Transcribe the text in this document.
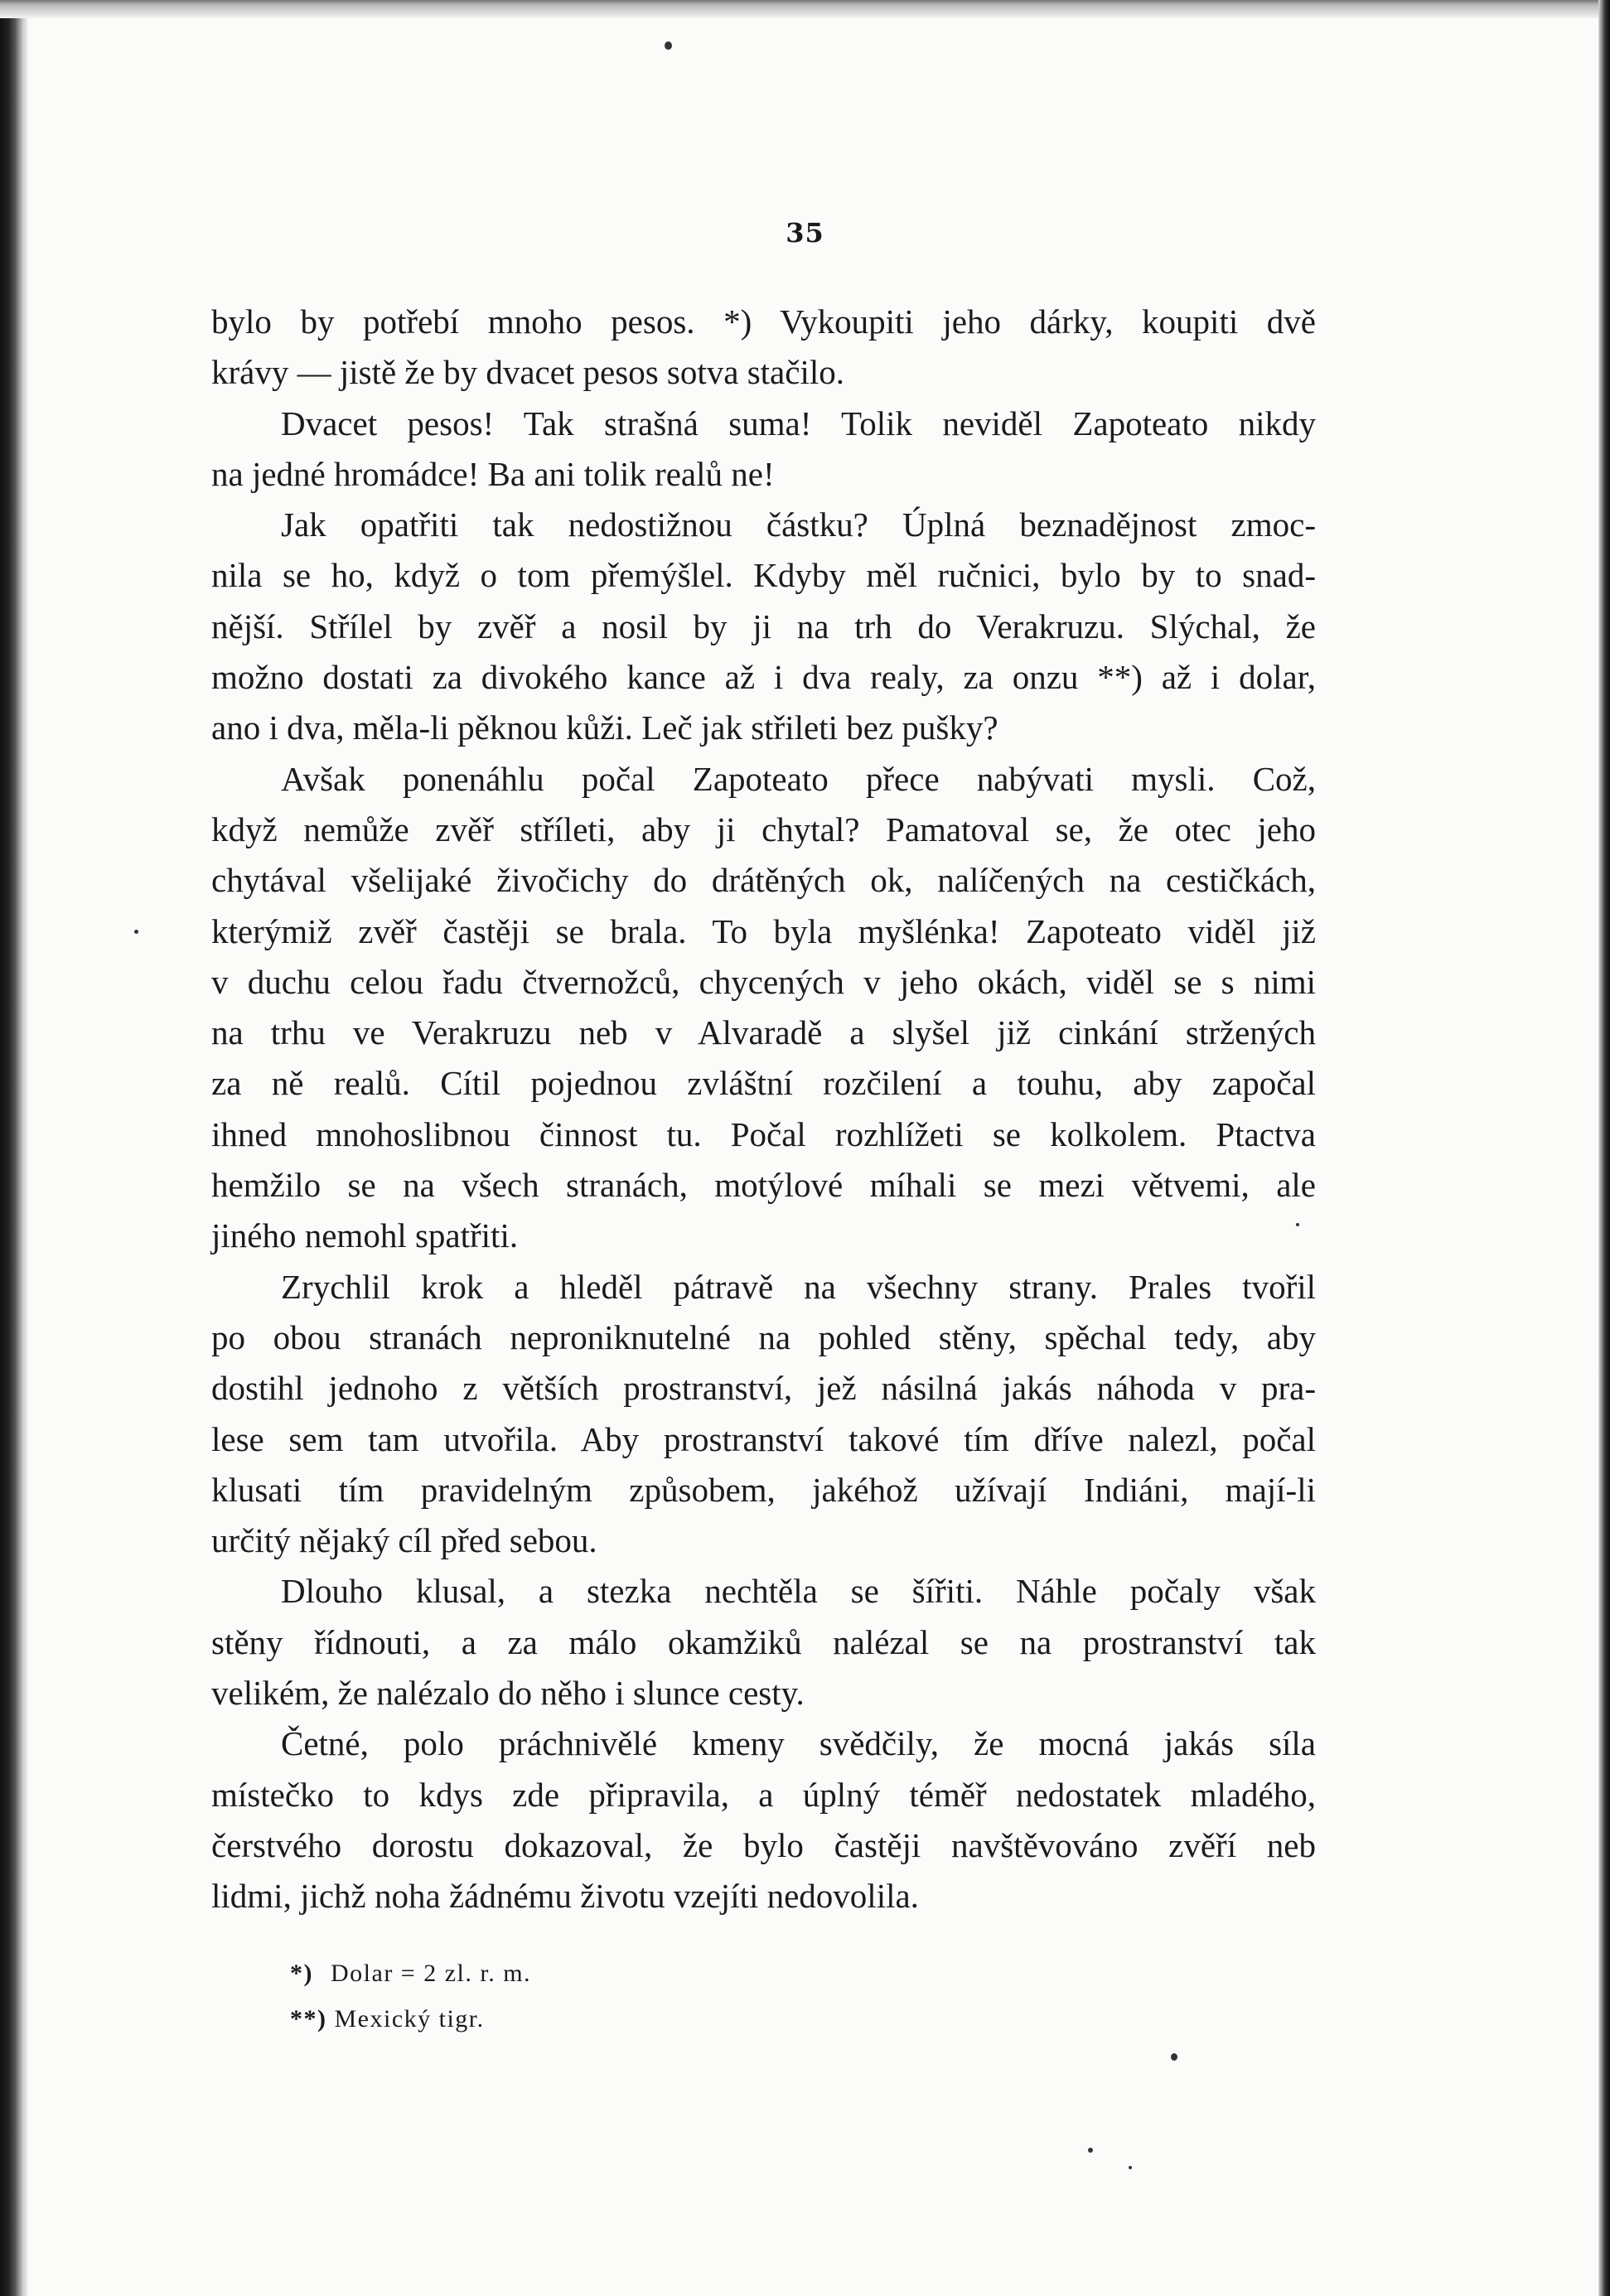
35
bylo by potřebí mnoho pesos. *) Vykoupiti jeho dárky, koupiti dvě
krávy — jistě že by dvacet pesos sotva stačilo.
Dvacet pesos! Tak strašná suma! Tolik neviděl Zapoteato nikdy
na jedné hromádce! Ba ani tolik realů ne!
Jak opatřiti tak nedostižnou částku? Úplná beznadějnost zmoc-
nila se ho, když o tom přemýšlel. Kdyby měl ručnici, bylo by to snad-
nější. Střílel by zvěř a nosil by ji na trh do Verakruzu. Slýchal, že
možno dostati za divokého kance až i dva realy, za onzu **) až i dolar,
ano i dva, měla-li pěknou kůži. Leč jak střileti bez pušky?
Avšak ponenáhlu počal Zapoteato přece nabývati mysli. Což,
když nemůže zvěř stříleti, aby ji chytal? Pamatoval se, že otec jeho
chytával všelijaké živočichy do drátěných ok, nalíčených na cestičkách,
kterýmiž zvěř častěji se brala. To byla myšlénka! Zapoteato viděl již
v duchu celou řadu čtvernožců, chycených v jeho okách, viděl se s nimi
na trhu ve Verakruzu neb v Alvaradě a slyšel již cinkání stržených
za ně realů. Cítil pojednou zvláštní rozčilení a touhu, aby započal
ihned mnohoslibnou činnost tu. Počal rozhlížeti se kolkolem. Ptactva
hemžilo se na všech stranách, motýlové míhali se mezi větvemi, ale
jiného nemohl spatřiti.
Zrychlil krok a hleděl pátravě na všechny strany. Prales tvořil
po obou stranách neproniknutelné na pohled stěny, spěchal tedy, aby
dostihl jednoho z větších prostranství, jež násilná jakás náhoda v pra-
lese sem tam utvořila. Aby prostranství takové tím dříve nalezl, počal
klusati tím pravidelným způsobem, jakéhož užívají Indiáni, mají-li
určitý nějaký cíl před sebou.
Dlouho klusal, a stezka nechtěla se šířiti. Náhle počaly však
stěny řídnouti, a za málo okamžiků nalézal se na prostranství tak
velikém, že nalézalo do něho i slunce cesty.
Četné, polo práchnivělé kmeny svědčily, že mocná jakás síla
místečko to kdys zde připravila, a úplný téměř nedostatek mladého,
čerstvého dorostu dokazoval, že bylo častěji navštěvováno zvěří neb
lidmi, jichž noha žádnému životu vzejíti nedovolila.
*) Dolar = 2 zl. r. m.
**) Mexický tigr.
